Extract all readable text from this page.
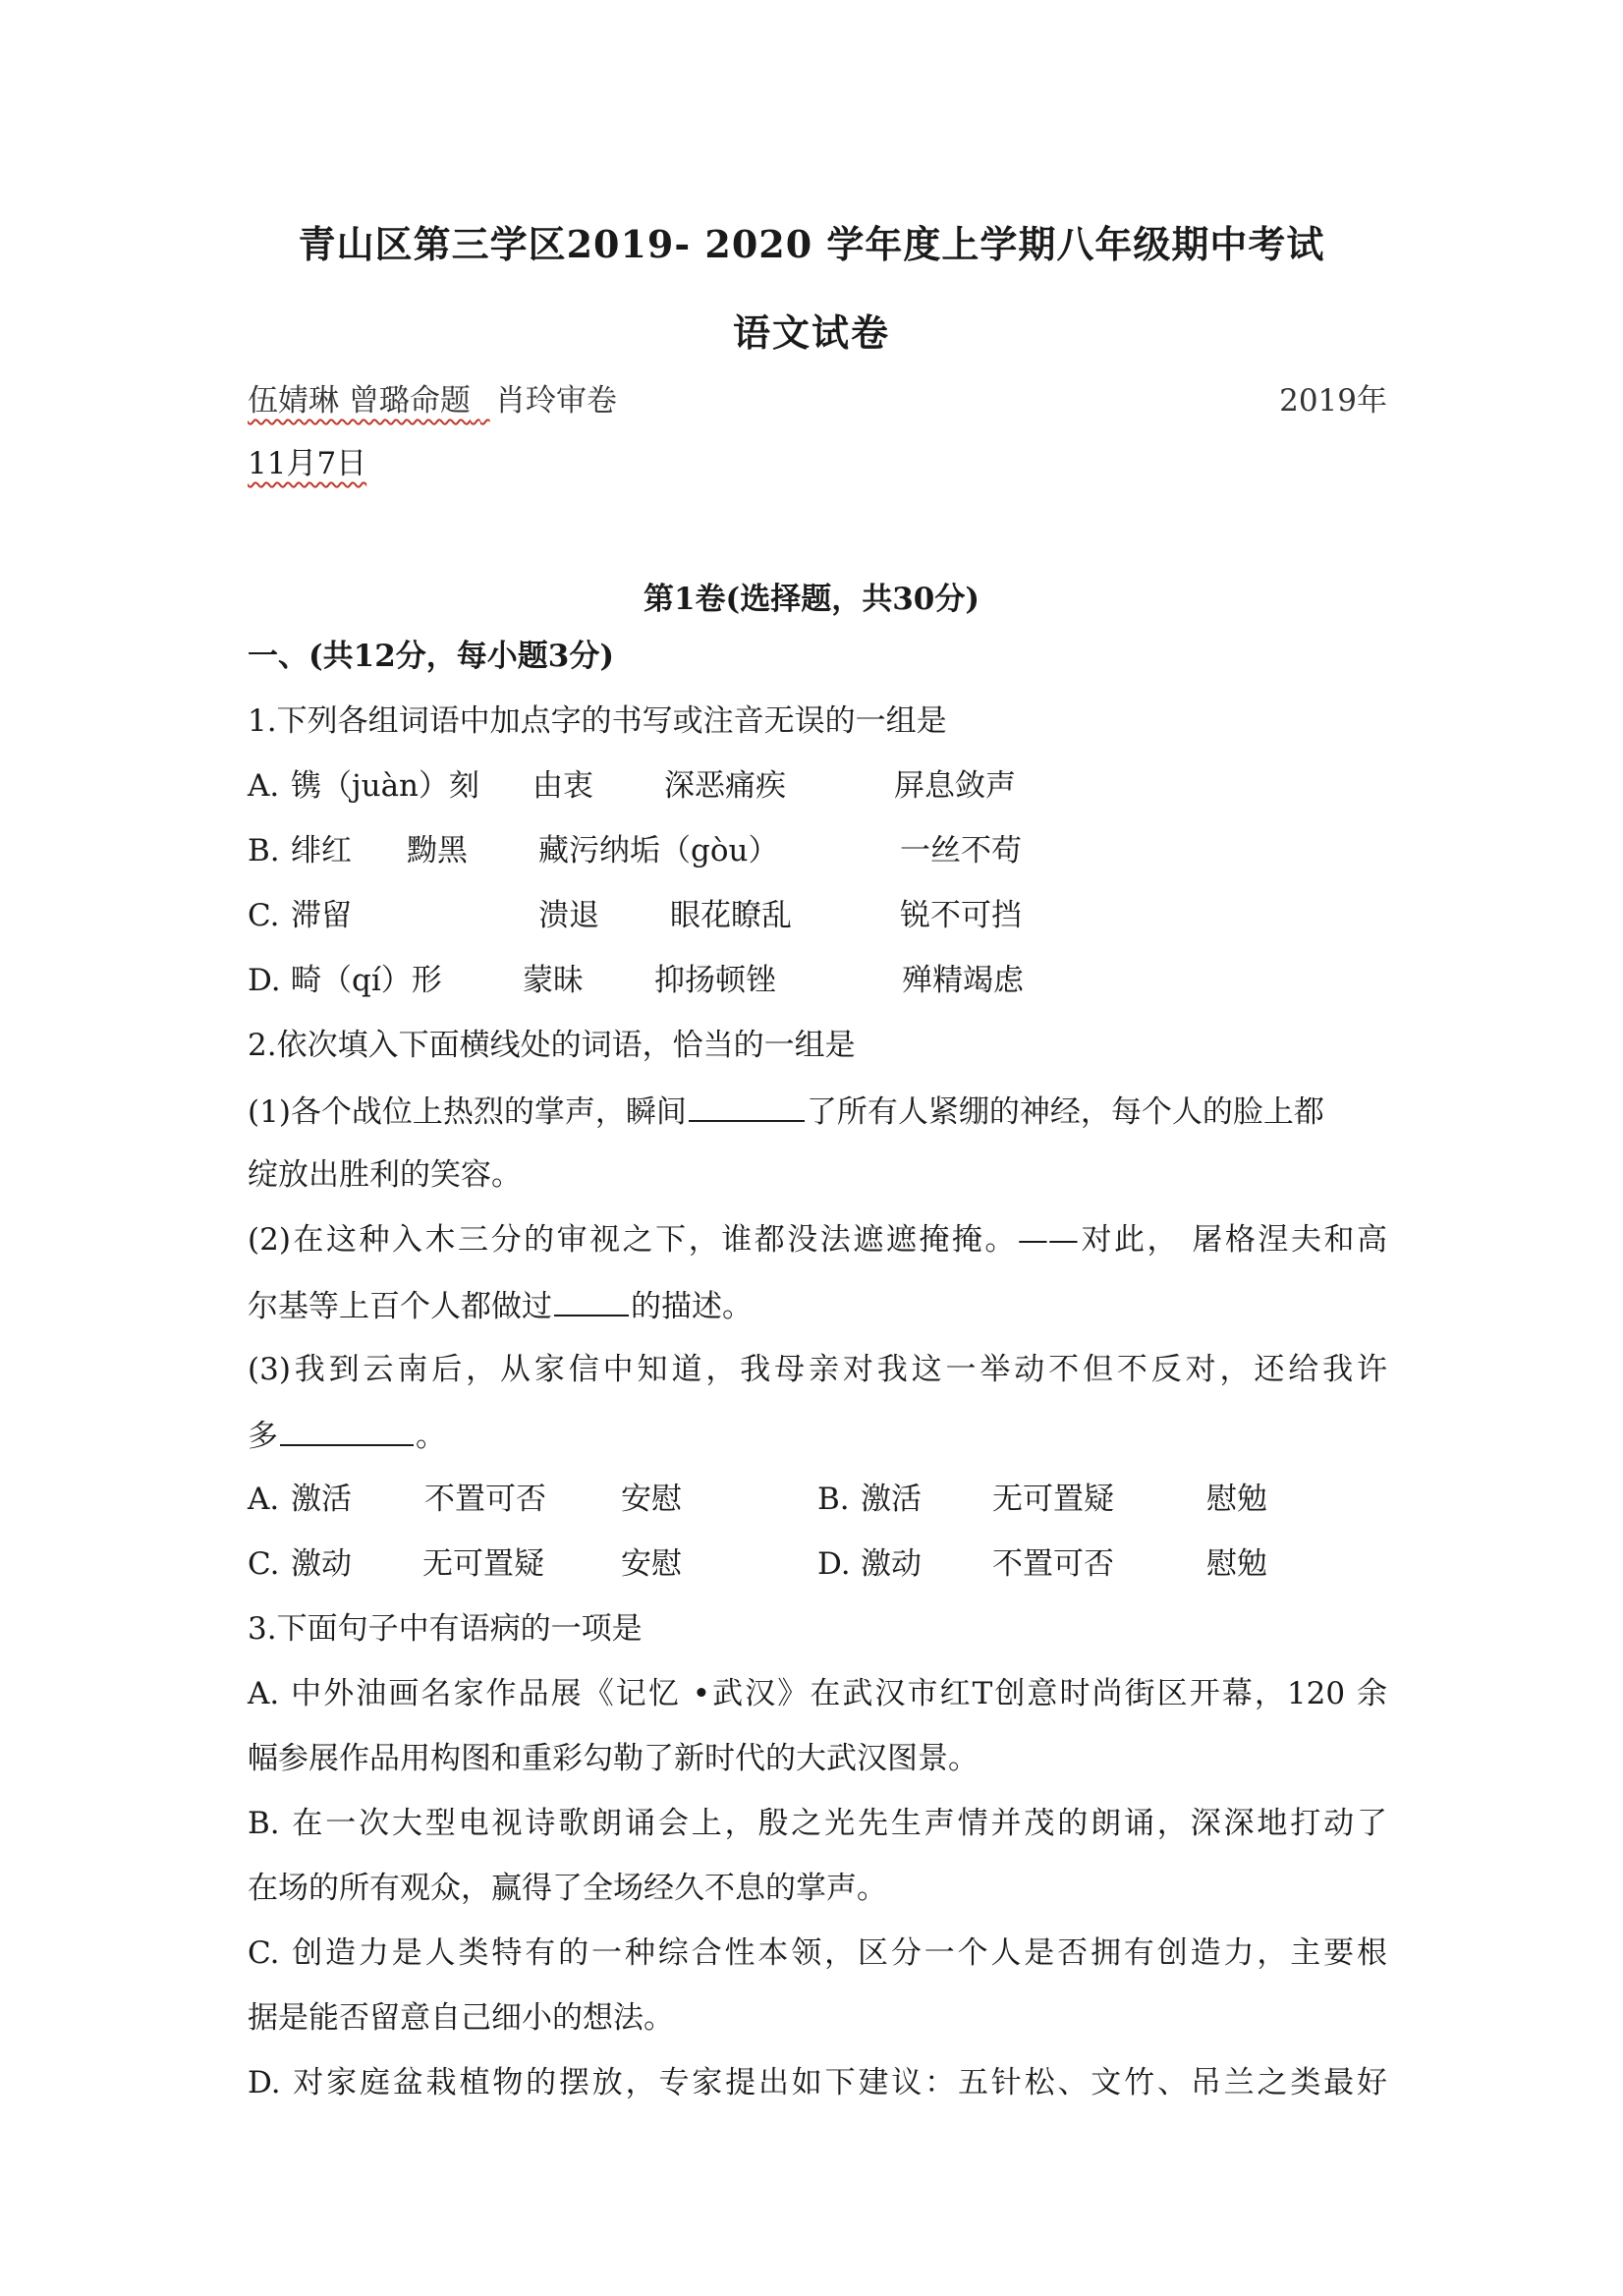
青山区第三学区2019- 2020 学年度上学期八年级期中考试
语文试卷
伍婧琳 曾璐命题 肖玲审卷	2019年

11月7日
第1卷(选择题，共30分)
一、(共12分，每小题3分)
1.下列各组词语中加点字的书写或注音无误的一组是
A. 镌（juàn）刻 由衷 深恶痛疾	屏息敛声
B. 绯红 黝黑 藏污纳垢（gòu）	一丝不苟
C. 滞留	溃退 眼花瞭乱	锐不可挡
D. 畸（qí）形	蒙昧 抑扬顿锉	殚精竭虑
2.依次填入下面横线处的词语，恰当的一组是
(1)各个战位上热烈的掌声，瞬间	了所有人紧绷的神经，每个人的脸上都
绽放出胜利的笑容。
(2)在这种入木三分的审视之下，谁都没法遮遮掩掩。——对此， 屠格涅夫和高
尔基等上百个人都做过	的描述。
(3)我到云南后，从家信中知道，我母亲对我这一举动不但不反对，还给我许
多	。
A. 激活 不置可否 安慰	B. 激活 无可置疑	慰勉
C. 激动 无可置疑	安慰	D. 激动 不置可否	慰勉
3.下面句子中有语病的一项是
A. 中外油画名家作品展《记忆 •武汉》在武汉市红T创意时尚街区开幕，120 余
幅参展作品用构图和重彩勾勒了新时代的大武汉图景。
B. 在一次大型电视诗歌朗诵会上，殷之光先生声情并茂的朗诵，深深地打动了
在场的所有观众，赢得了全场经久不息的掌声。
C. 创造力是人类特有的一种综合性本领，区分一个人是否拥有创造力，主要根
据是能否留意自己细小的想法。
D. 对家庭盆栽植物的摆放，专家提出如下建议：五针松、文竹、吊兰之类最好
